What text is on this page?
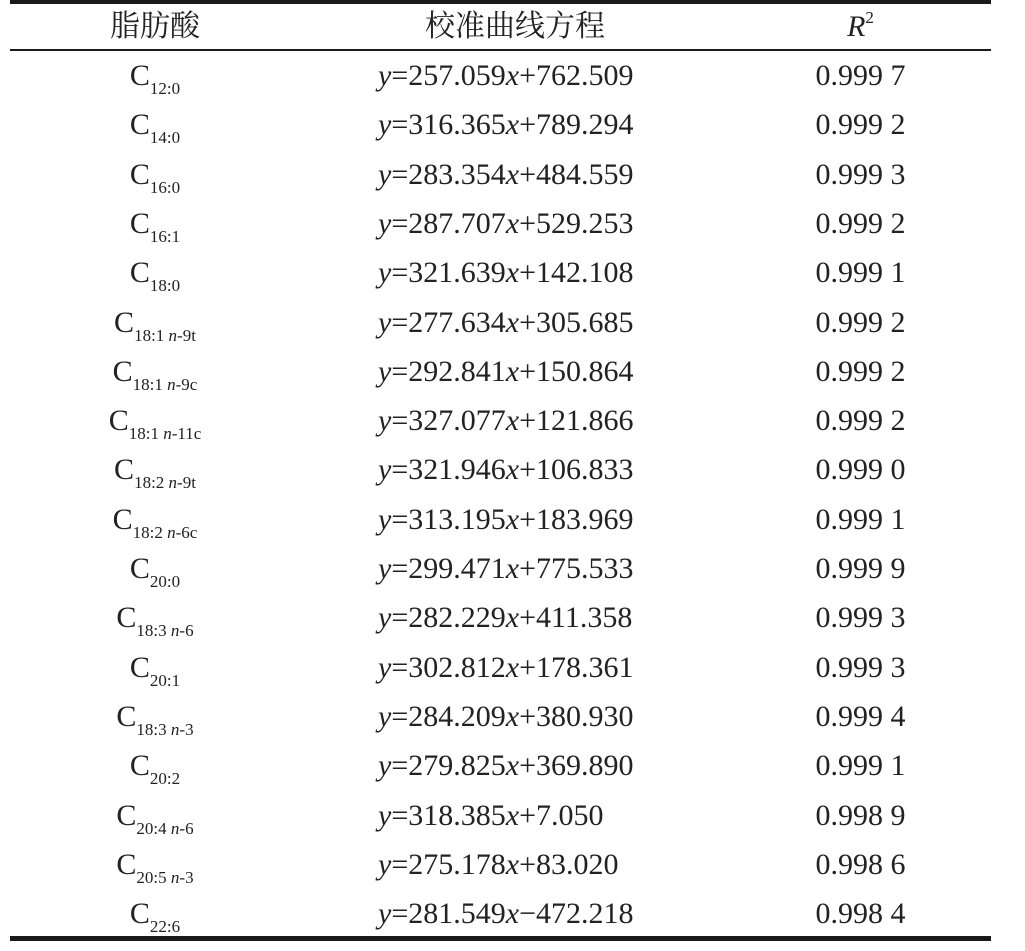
脂肪酸	校准曲线方程	$R^2$
$C_{12:0}$	y=257.059x+762.509	0.999 7
$C_{14:0}$	y=316.365x+789.294	0.999 2
$C_{16:0}$	y=283.354x+484.559	0.999 3
$C_{16:1}$	y=287.707x+529.253	0.999 2
$C_{18:0}$	y=321.639x+142.108	0.999 1
$C_{18:1 n-9t}$	y=277.634x+305.685	0.999 2
$C_{18:1 n-9c}$	y=292.841x+150.864	0.999 2
$C_{18:1 n-11c}$	y=327.077x+121.866	0.999 2
$C_{18:2 n-9t}$	y=321.946x+106.833	0.999 0
$C_{18:2 n-6c}$	y=313.195x+183.969	0.999 1
$C_{20:0}$	y=299.471x+775.533	0.999 9
$C_{18:3 n-6}$	y=282.229x+411.358	0.999 3
$C_{20:1}$	y=302.812x+178.361	0.999 3
$C_{18:3 n-3}$	y=284.209x+380.930	0.999 4
$C_{20:2}$	y=279.825x+369.890	0.999 1
$C_{20:4 n-6}$	y=318.385x+7.050	0.998 9
$C_{20:5 n-3}$	y=275.178x+83.020	0.998 6
$C_{22:6}$	y=281.549x−472.218	0.998 4
